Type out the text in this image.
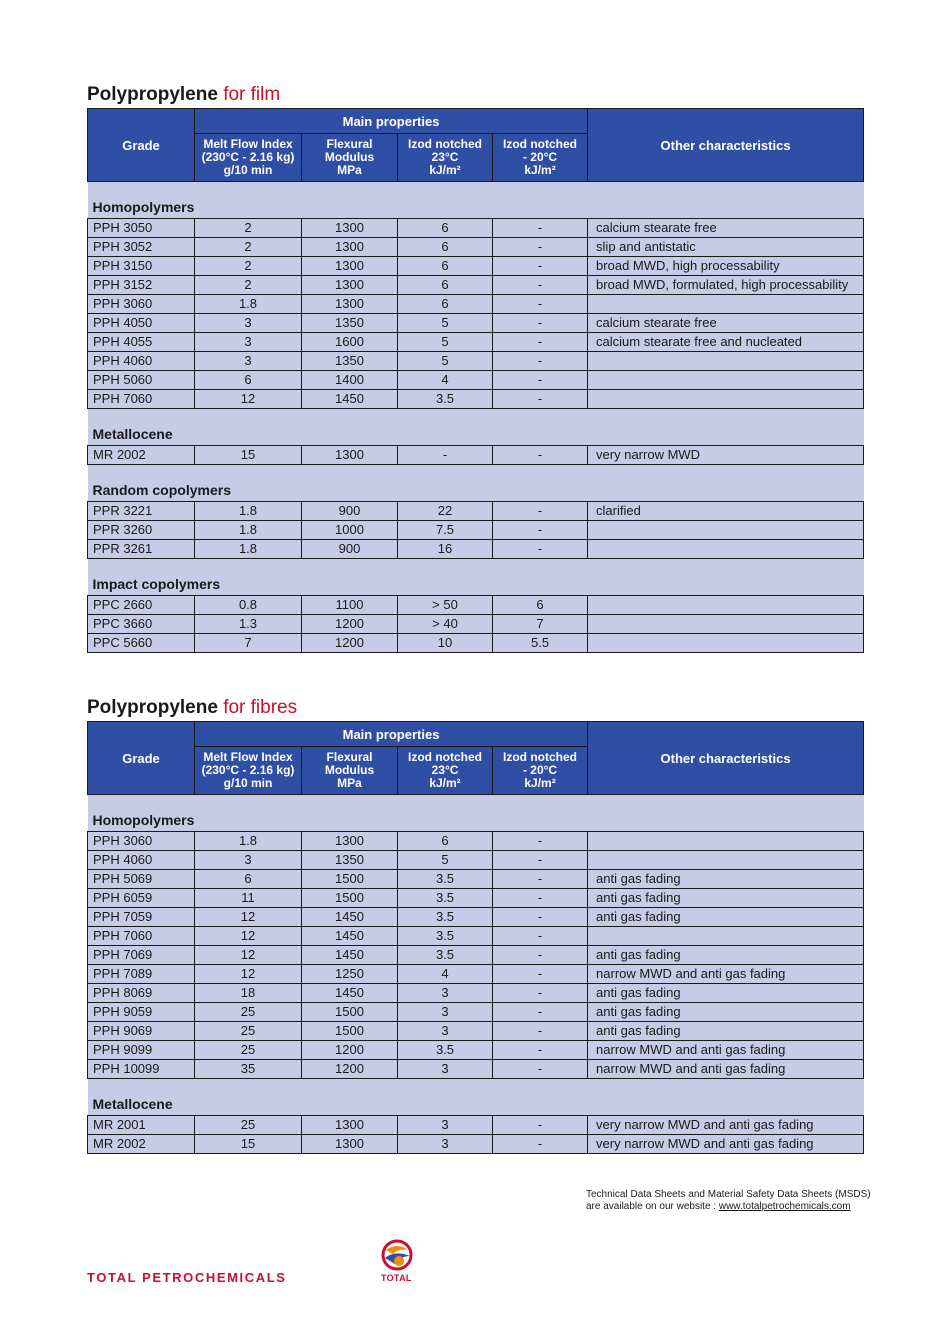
Polypropylene for film
Grade	Main properties				Other characteristics
	Melt Flow Index
(230°C - 2.16 kg)
g/10 min	Flexural
Modulus
MPa	Izod notched
23°C
kJ/m²	Izod notched
- 20°C
kJ/m²	
Homopolymers					
PPH 3050	2	1300	6	-	calcium stearate free
PPH 3052	2	1300	6	-	slip and antistatic
PPH 3150	2	1300	6	-	broad MWD, high processability
PPH 3152	2	1300	6	-	broad MWD, formulated, high processability
PPH 3060	1.8	1300	6	-	
PPH 4050	3	1350	5	-	calcium stearate free
PPH 4055	3	1600	5	-	calcium stearate free and nucleated
PPH 4060	3	1350	5	-	
PPH 5060	6	1400	4	-	
PPH 7060	12	1450	3.5	-	
Metallocene					
MR 2002	15	1300	-	-	very narrow MWD
Random copolymers					
PPR 3221	1.8	900	22	-	clarified
PPR 3260	1.8	1000	7.5	-	
PPR 3261	1.8	900	16	-	
Impact copolymers					
PPC 2660	0.8	1100	> 50	6	
PPC 3660	1.3	1200	> 40	7	
PPC 5660	7	1200	10	5.5	
Polypropylene for fibres
Grade	Main properties				Other characteristics
	Melt Flow Index
(230°C - 2.16 kg)
g/10 min	Flexural
Modulus
MPa	Izod notched
23°C
kJ/m²	Izod notched
- 20°C
kJ/m²	
Homopolymers					
PPH 3060	1.8	1300	6	-	
PPH 4060	3	1350	5	-	
PPH 5069	6	1500	3.5	-	anti gas fading
PPH 6059	11	1500	3.5	-	anti gas fading
PPH 7059	12	1450	3.5	-	anti gas fading
PPH 7060	12	1450	3.5	-	
PPH 7069	12	1450	3.5	-	anti gas fading
PPH 7089	12	1250	4	-	narrow MWD and anti gas fading
PPH 8069	18	1450	3	-	anti gas fading
PPH 9059	25	1500	3	-	anti gas fading
PPH 9069	25	1500	3	-	anti gas fading
PPH 9099	25	1200	3.5	-	narrow MWD and anti gas fading
PPH 10099	35	1200	3	-	narrow MWD and anti gas fading
Metallocene					
MR 2001	25	1300	3	-	very narrow MWD and anti gas fading
MR 2002	15	1300	3	-	very narrow MWD and anti gas fading
Technical Data Sheets and Material Safety Data Sheets (MSDS)
are available on our website : www.totalpetrochemicals.com
TOTAL PETROCHEMICALS	TOTAL
